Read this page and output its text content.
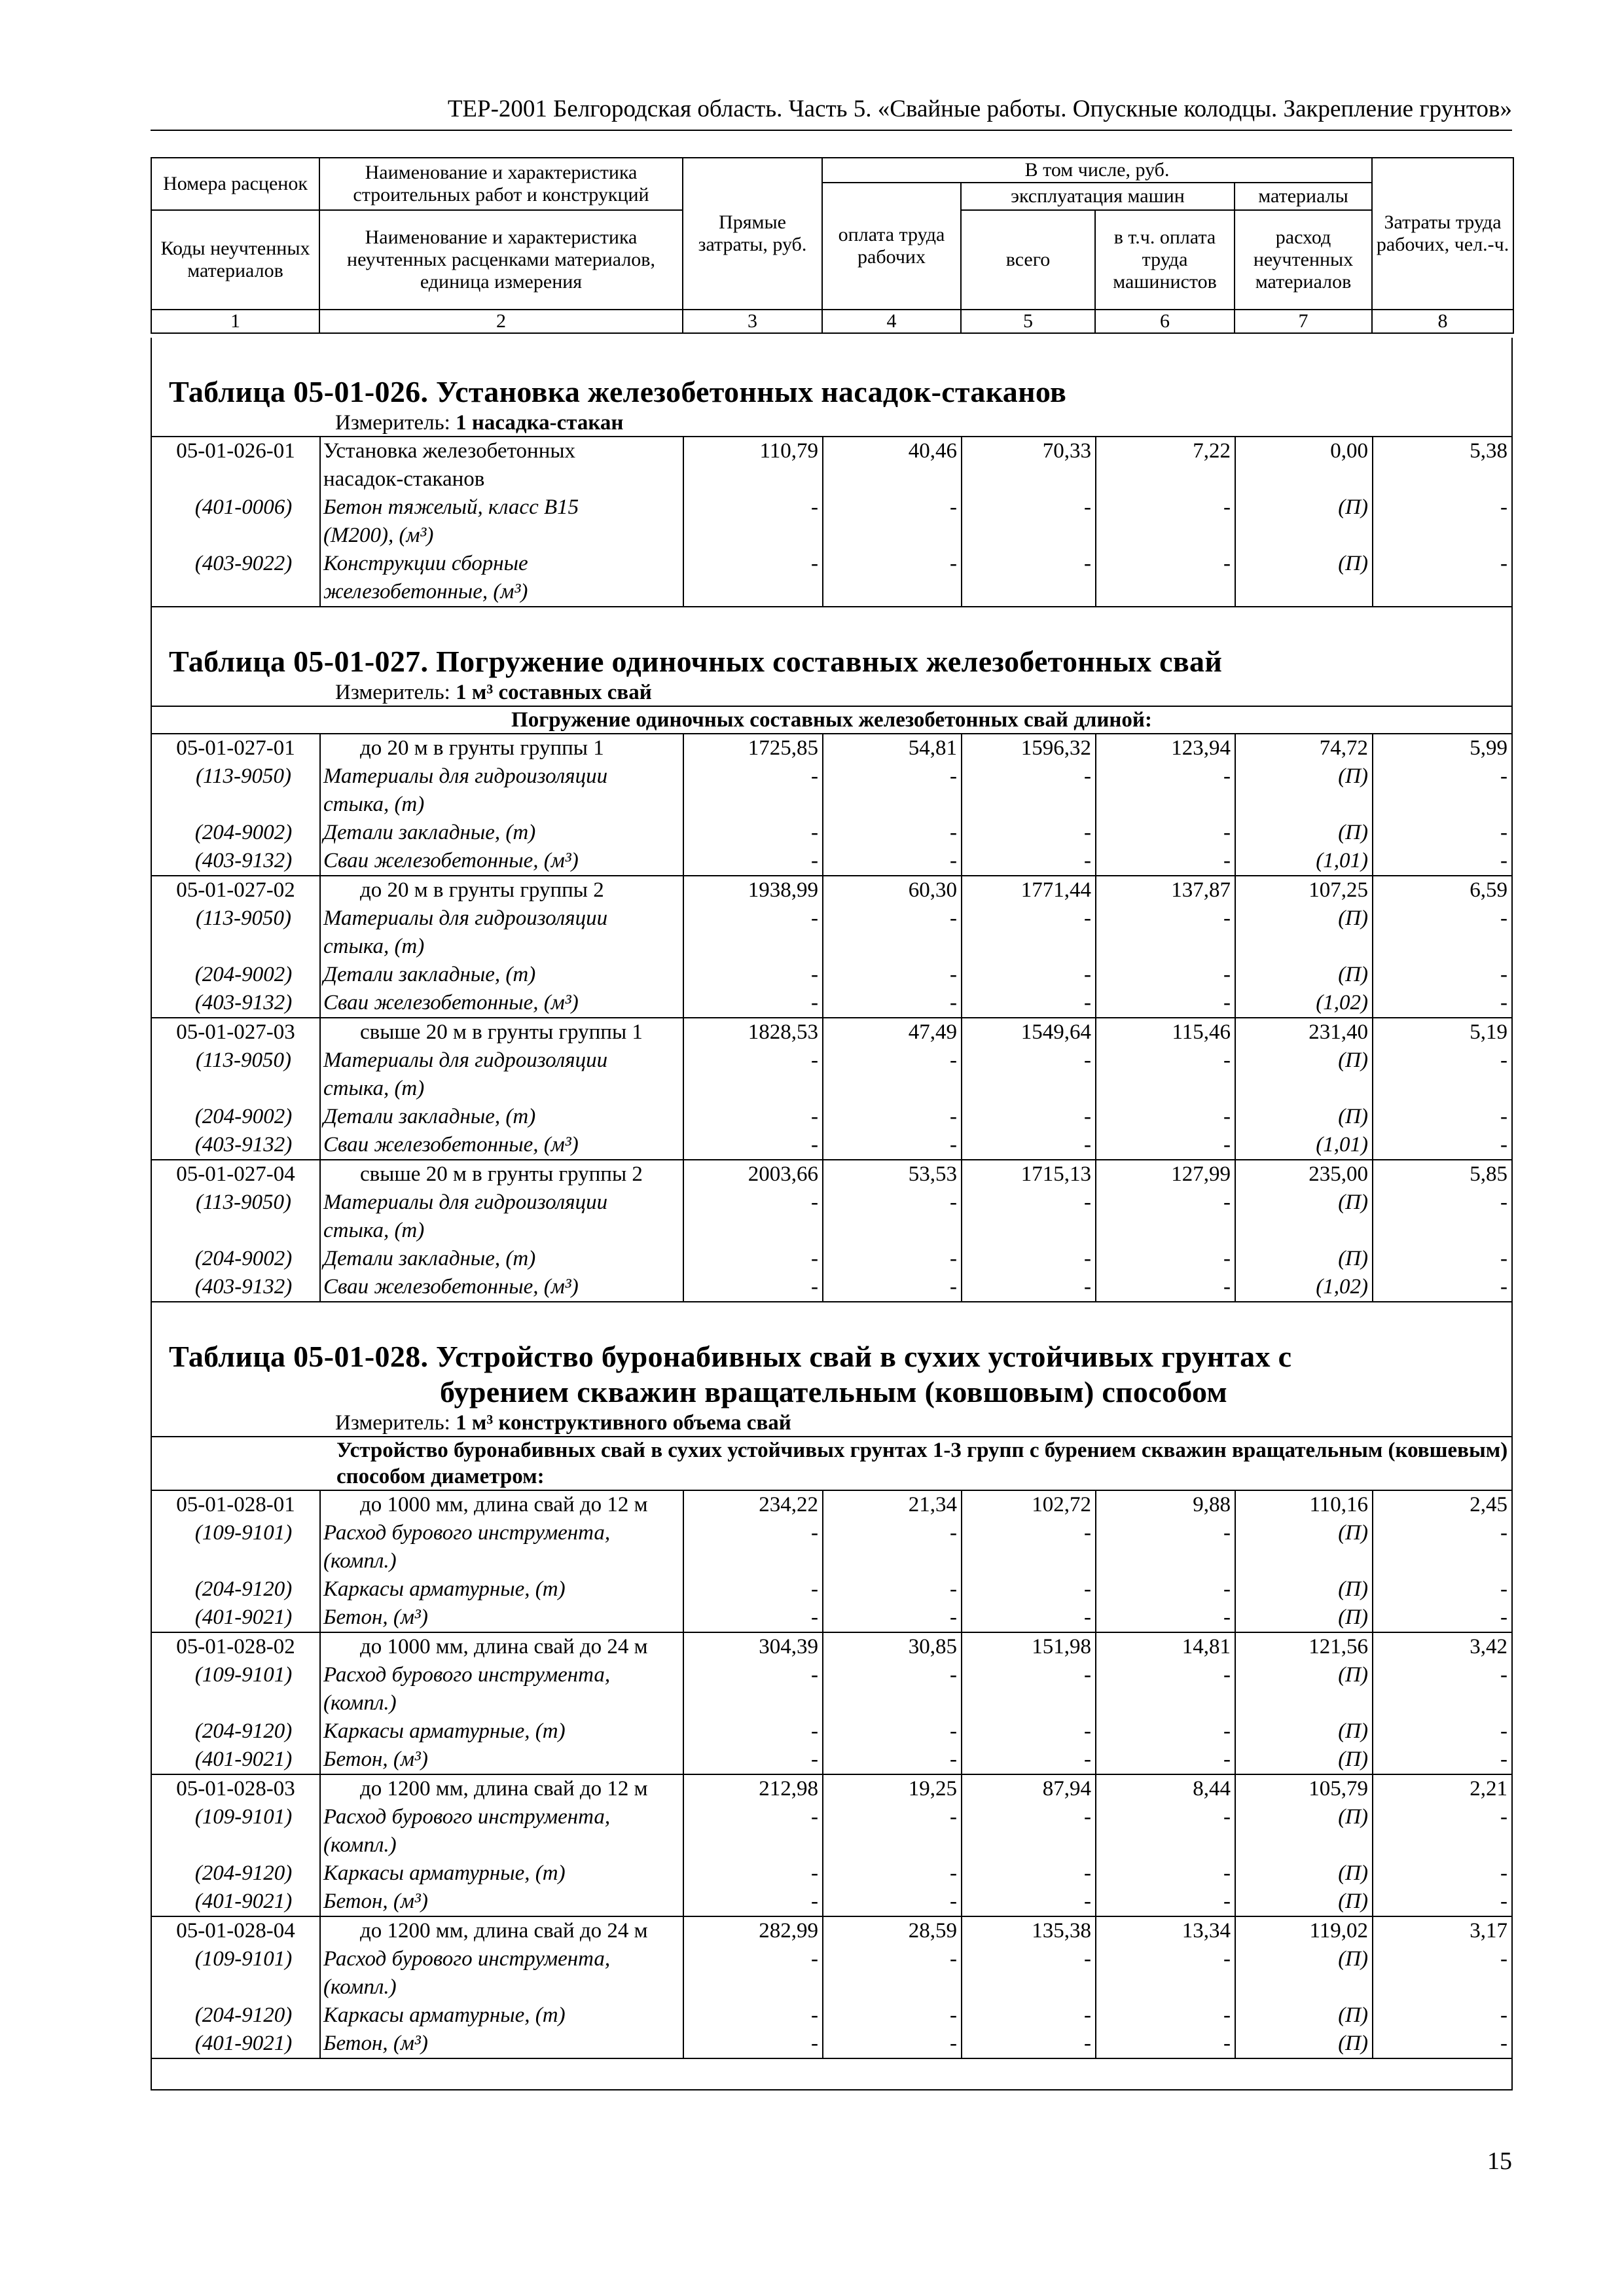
ТЕР-2001 Белгородская область. Часть 5. «Свайные работы. Опускные колодцы. Закрепление грунтов»
Номера расценок	Наименование и характеристика строительных работ и конструкций	Прямые затраты, руб.	В том числе, руб.				Затраты труда рабочих, чел.-ч.
			оплата труда рабочих	эксплуатация машин		материалы	
Коды неучтенных материалов	Наименование и характеристика неучтенных расценками материалов, единица измерения			всего	в т.ч. оплата труда машинистов	расход неучтенных материалов	

1	2	3	4	5	6	7	8
Таблица 05-01-026. Установка железобетонных насадок-стаканов
Измеритель: 1 насадка-стакан
05-01-026-01	Установка железобетонных
насадок-стаканов	110,79	40,46	70,33	7,22	0,00	5,38
(401-0006)	Бетон тяжелый, класс В15
(М200), (м³)	-	-	-	-	(П)	-
(403-9022)	Конструкции сборные
железобетонные, (м³)	-	-	-	-	(П)	-
Таблица 05-01-027. Погружение одиночных составных железобетонных свай
Измеритель: 1 м³ составных свай
Погружение одиночных составных железобетонных свай длиной:
05-01-027-01	до 20 м в грунты группы 1	1725,85	54,81	1596,32	123,94	74,72	5,99
(113-9050)	Материалы для гидроизоляции
стыка, (т)	-	-	-	-	(П)	-
(204-9002)	Детали закладные, (т)	-	-	-	-	(П)	-
(403-9132)	Сваи железобетонные, (м³)	-	-	-	-	(1,01)	-
05-01-027-02	до 20 м в грунты группы 2	1938,99	60,30	1771,44	137,87	107,25	6,59
(113-9050)	Материалы для гидроизоляции
стыка, (т)	-	-	-	-	(П)	-
(204-9002)	Детали закладные, (т)	-	-	-	-	(П)	-
(403-9132)	Сваи железобетонные, (м³)	-	-	-	-	(1,02)	-
05-01-027-03	свыше 20 м в грунты группы 1	1828,53	47,49	1549,64	115,46	231,40	5,19
(113-9050)	Материалы для гидроизоляции
стыка, (т)	-	-	-	-	(П)	-
(204-9002)	Детали закладные, (т)	-	-	-	-	(П)	-
(403-9132)	Сваи железобетонные, (м³)	-	-	-	-	(1,01)	-
05-01-027-04	свыше 20 м в грунты группы 2	2003,66	53,53	1715,13	127,99	235,00	5,85
(113-9050)	Материалы для гидроизоляции
стыка, (т)	-	-	-	-	(П)	-
(204-9002)	Детали закладные, (т)	-	-	-	-	(П)	-
(403-9132)	Сваи железобетонные, (м³)	-	-	-	-	(1,02)	-
Таблица 05-01-028. Устройство буронабивных свай в сухих устойчивых грунтах с
бурением скважин вращательным (ковшовым) способом
Измеритель: 1 м³ конструктивного объема свай
Устройство буронабивных свай в сухих устойчивых грунтах 1-3 групп с бурением скважин вращательным (ковшевым) способом диаметром:
05-01-028-01	до 1000 мм, длина свай до 12 м	234,22	21,34	102,72	9,88	110,16	2,45
(109-9101)	Расход бурового инструмента,
(компл.)	-	-	-	-	(П)	-
(204-9120)	Каркасы арматурные, (т)	-	-	-	-	(П)	-
(401-9021)	Бетон, (м³)	-	-	-	-	(П)	-
05-01-028-02	до 1000 мм, длина свай до 24 м	304,39	30,85	151,98	14,81	121,56	3,42
(109-9101)	Расход бурового инструмента,
(компл.)	-	-	-	-	(П)	-
(204-9120)	Каркасы арматурные, (т)	-	-	-	-	(П)	-
(401-9021)	Бетон, (м³)	-	-	-	-	(П)	-
05-01-028-03	до 1200 мм, длина свай до 12 м	212,98	19,25	87,94	8,44	105,79	2,21
(109-9101)	Расход бурового инструмента,
(компл.)	-	-	-	-	(П)	-
(204-9120)	Каркасы арматурные, (т)	-	-	-	-	(П)	-
(401-9021)	Бетон, (м³)	-	-	-	-	(П)	-
05-01-028-04	до 1200 мм, длина свай до 24 м	282,99	28,59	135,38	13,34	119,02	3,17
(109-9101)	Расход бурового инструмента,
(компл.)	-	-	-	-	(П)	-
(204-9120)	Каркасы арматурные, (т)	-	-	-	-	(П)	-
(401-9021)	Бетон, (м³)	-	-	-	-	(П)	-
15
